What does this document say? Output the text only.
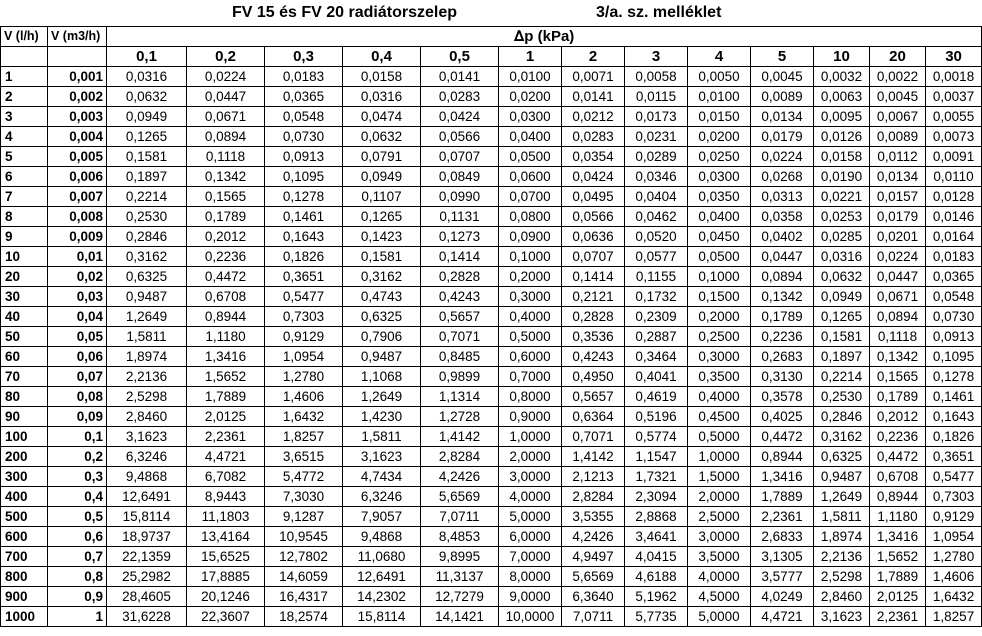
FV 15 és FV 20 radiátorszelep	3/a. sz. melléklet
V (l/h)	V (m3/h)	∆p (kPa)												
		0,1	0,2	0,3	0,4	0,5	1	2	3	4	5	10	20	30
1	0,001	0,0316	0,0224	0,0183	0,0158	0,0141	0,0100	0,0071	0,0058	0,0050	0,0045	0,0032	0,0022	0,0018
2	0,002	0,0632	0,0447	0,0365	0,0316	0,0283	0,0200	0,0141	0,0115	0,0100	0,0089	0,0063	0,0045	0,0037
3	0,003	0,0949	0,0671	0,0548	0,0474	0,0424	0,0300	0,0212	0,0173	0,0150	0,0134	0,0095	0,0067	0,0055
4	0,004	0,1265	0,0894	0,0730	0,0632	0,0566	0,0400	0,0283	0,0231	0,0200	0,0179	0,0126	0,0089	0,0073
5	0,005	0,1581	0,1118	0,0913	0,0791	0,0707	0,0500	0,0354	0,0289	0,0250	0,0224	0,0158	0,0112	0,0091
6	0,006	0,1897	0,1342	0,1095	0,0949	0,0849	0,0600	0,0424	0,0346	0,0300	0,0268	0,0190	0,0134	0,0110
7	0,007	0,2214	0,1565	0,1278	0,1107	0,0990	0,0700	0,0495	0,0404	0,0350	0,0313	0,0221	0,0157	0,0128
8	0,008	0,2530	0,1789	0,1461	0,1265	0,1131	0,0800	0,0566	0,0462	0,0400	0,0358	0,0253	0,0179	0,0146
9	0,009	0,2846	0,2012	0,1643	0,1423	0,1273	0,0900	0,0636	0,0520	0,0450	0,0402	0,0285	0,0201	0,0164
10	0,01	0,3162	0,2236	0,1826	0,1581	0,1414	0,1000	0,0707	0,0577	0,0500	0,0447	0,0316	0,0224	0,0183
20	0,02	0,6325	0,4472	0,3651	0,3162	0,2828	0,2000	0,1414	0,1155	0,1000	0,0894	0,0632	0,0447	0,0365
30	0,03	0,9487	0,6708	0,5477	0,4743	0,4243	0,3000	0,2121	0,1732	0,1500	0,1342	0,0949	0,0671	0,0548
40	0,04	1,2649	0,8944	0,7303	0,6325	0,5657	0,4000	0,2828	0,2309	0,2000	0,1789	0,1265	0,0894	0,0730
50	0,05	1,5811	1,1180	0,9129	0,7906	0,7071	0,5000	0,3536	0,2887	0,2500	0,2236	0,1581	0,1118	0,0913
60	0,06	1,8974	1,3416	1,0954	0,9487	0,8485	0,6000	0,4243	0,3464	0,3000	0,2683	0,1897	0,1342	0,1095
70	0,07	2,2136	1,5652	1,2780	1,1068	0,9899	0,7000	0,4950	0,4041	0,3500	0,3130	0,2214	0,1565	0,1278
80	0,08	2,5298	1,7889	1,4606	1,2649	1,1314	0,8000	0,5657	0,4619	0,4000	0,3578	0,2530	0,1789	0,1461
90	0,09	2,8460	2,0125	1,6432	1,4230	1,2728	0,9000	0,6364	0,5196	0,4500	0,4025	0,2846	0,2012	0,1643
100	0,1	3,1623	2,2361	1,8257	1,5811	1,4142	1,0000	0,7071	0,5774	0,5000	0,4472	0,3162	0,2236	0,1826
200	0,2	6,3246	4,4721	3,6515	3,1623	2,8284	2,0000	1,4142	1,1547	1,0000	0,8944	0,6325	0,4472	0,3651
300	0,3	9,4868	6,7082	5,4772	4,7434	4,2426	3,0000	2,1213	1,7321	1,5000	1,3416	0,9487	0,6708	0,5477
400	0,4	12,6491	8,9443	7,3030	6,3246	5,6569	4,0000	2,8284	2,3094	2,0000	1,7889	1,2649	0,8944	0,7303
500	0,5	15,8114	11,1803	9,1287	7,9057	7,0711	5,0000	3,5355	2,8868	2,5000	2,2361	1,5811	1,1180	0,9129
600	0,6	18,9737	13,4164	10,9545	9,4868	8,4853	6,0000	4,2426	3,4641	3,0000	2,6833	1,8974	1,3416	1,0954
700	0,7	22,1359	15,6525	12,7802	11,0680	9,8995	7,0000	4,9497	4,0415	3,5000	3,1305	2,2136	1,5652	1,2780
800	0,8	25,2982	17,8885	14,6059	12,6491	11,3137	8,0000	5,6569	4,6188	4,0000	3,5777	2,5298	1,7889	1,4606
900	0,9	28,4605	20,1246	16,4317	14,2302	12,7279	9,0000	6,3640	5,1962	4,5000	4,0249	2,8460	2,0125	1,6432
1000	1	31,6228	22,3607	18,2574	15,8114	14,1421	10,0000	7,0711	5,7735	5,0000	4,4721	3,1623	2,2361	1,8257
